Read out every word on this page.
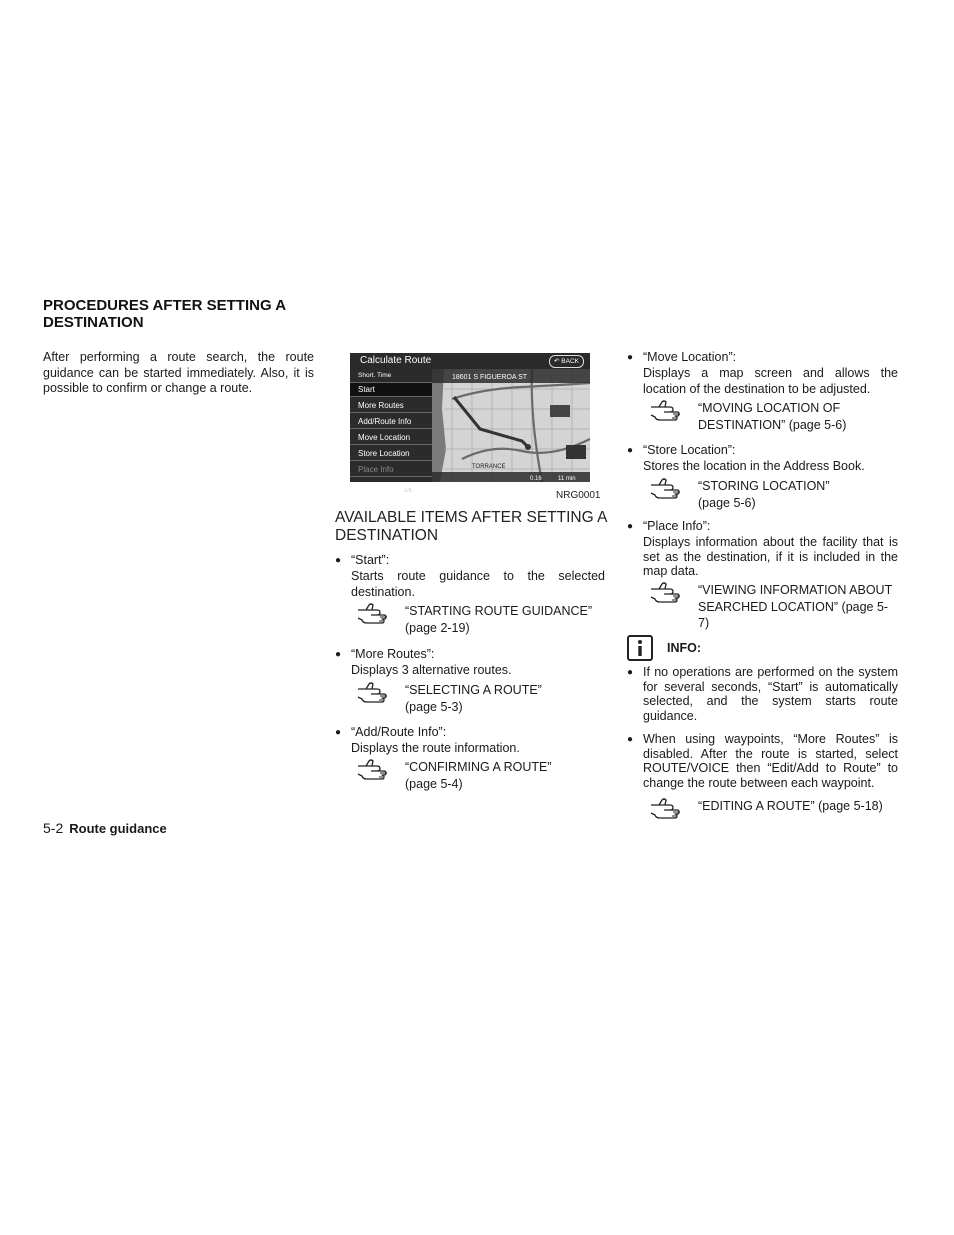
PROCEDURES AFTER SETTING A DESTINATION
After performing a route search, the route guidance can be started immediately. Also, it is possible to confirm or change a route.
Calculate Route	↶ BACK
Short. Time
Start
More Routes
Add/Route Info
Move Location
Store Location
Place Info
1/6
18601 S FIGUEROA ST
TORRANCE
0.16	11 min
NRG0001
AVAILABLE ITEMS AFTER SETTING A DESTINATION
● “Start”:
Starts route guidance to the selected destination.
“STARTING ROUTE GUIDANCE” (page 2-19)
● “More Routes”:
Displays 3 alternative routes.
“SELECTING A ROUTE” (page 5-3)
● “Add/Route Info”:
Displays the route information.
“CONFIRMING A ROUTE” (page 5-4)
● “Move Location”:
Displays a map screen and allows the location of the destination to be adjusted.
“MOVING LOCATION OF DESTINATION” (page 5-6)
● “Store Location”:
Stores the location in the Address Book.
“STORING LOCATION” (page 5-6)
● “Place Info”:
Displays information about the facility that is set as the destination, if it is included in the map data.
“VIEWING INFORMATION ABOUT SEARCHED LOCATION” (page 5-7)
INFO:
● If no operations are performed on the system for several seconds, “Start” is automatically selected, and the system starts route guidance.
● When using waypoints, “More Routes” is disabled. After the route is started, select ROUTE/VOICE then “Edit/Add to Route” to change the route between each waypoint.
“EDITING A ROUTE” (page 5-18)
5-2 Route guidance
